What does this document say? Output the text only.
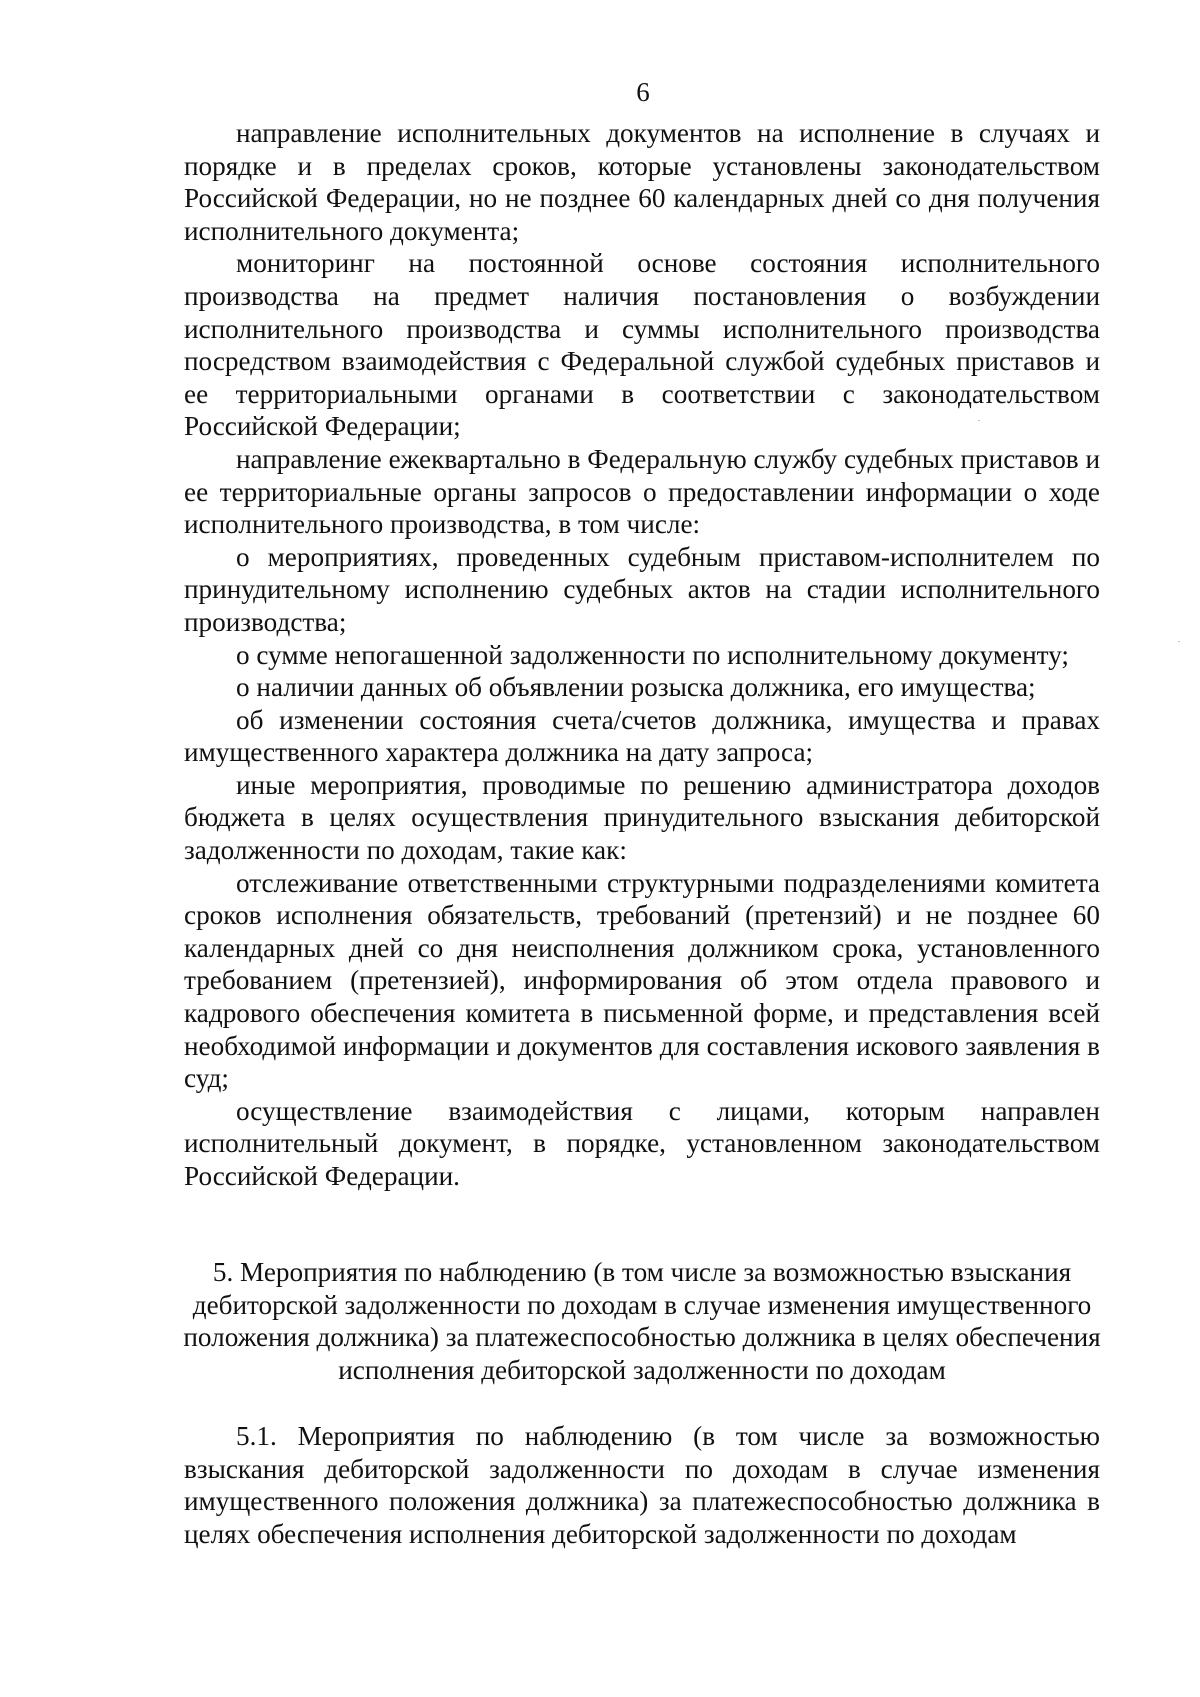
6

направление исполнительных документов на исполнение в случаях и порядке и в пределах сроков, которые установлены законодательством Российской Федерации, но не позднее 60 календарных дней со дня получения исполнительного документа;

мониторинг на постоянной основе состояния исполнительного производства на предмет наличия постановления о возбуждении исполнительного производства и суммы исполнительного производства посредством взаимодействия с Федеральной службой судебных приставов и ее территориальными органами в соответствии с законодательством Российской Федерации;

направление ежеквартально в Федеральную службу судебных приставов и ее территориальные органы запросов о предоставлении информации о ходе исполнительного производства, в том числе:

о мероприятиях, проведенных судебным приставом-исполнителем по принудительному исполнению судебных актов на стадии исполнительного производства;

о сумме непогашенной задолженности по исполнительному документу;

о наличии данных об объявлении розыска должника, его имущества;

об изменении состояния счета/счетов должника, имущества и правах имущественного характера должника на дату запроса;

иные мероприятия, проводимые по решению администратора доходов бюджета в целях осуществления принудительного взыскания дебиторской задолженности по доходам, такие как:

отслеживание ответственными структурными подразделениями комитета сроков исполнения обязательств, требований (претензий) и не позднее 60 календарных дней со дня неисполнения должником срока, установленного требованием (претензией), информирования об этом отдела правового и кадрового обеспечения комитета в письменной форме, и представления всей необходимой информации и документов для составления искового заявления в суд;

осуществление взаимодействия с лицами, которым направлен исполнительный документ, в порядке, установленном законодательством Российской Федерации.

5. Мероприятия по наблюдению (в том числе за возможностью взыскания дебиторской задолженности по доходам в случае изменения имущественного положения должника) за платежеспособностью должника в целях обеспечения исполнения дебиторской задолженности по доходам

5.1. Мероприятия по наблюдению (в том числе за возможностью взыскания дебиторской задолженности по доходам в случае изменения имущественного положения должника) за платежеспособностью должника в целях обеспечения исполнения дебиторской задолженности по доходам
